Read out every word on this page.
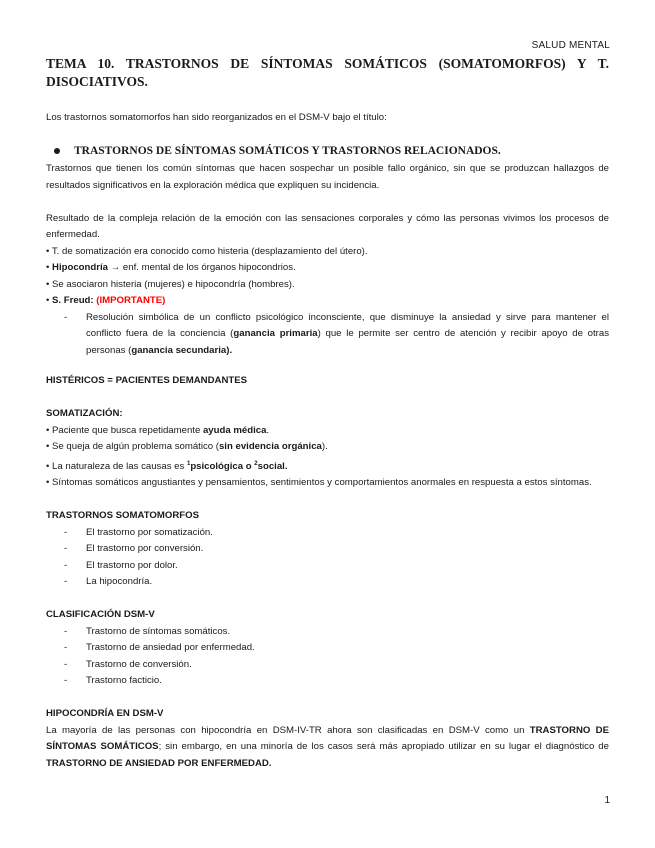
SALUD MENTAL
TEMA 10. TRASTORNOS DE SÍNTOMAS SOMÁTICOS (SOMATOMORFOS) Y T. DISOCIATIVOS.

Los trastornos somatomorfos han sido reorganizados en el DSM-V bajo el título:

TRASTORNOS DE SÍNTOMAS SOMÁTICOS Y TRASTORNOS RELACIONADOS.

Trastornos que tienen los común síntomas que hacen sospechar un posible fallo orgánico, sin que se produzcan hallazgos de resultados significativos en la exploración médica que expliquen su incidencia.

Resultado de la compleja relación de la emoción con las sensaciones corporales y cómo las personas vivimos los procesos de enfermedad.

• T. de somatización era conocido como histeria (desplazamiento del útero).

• Hipocondría → enf. mental de los órganos hipocondrios.

• Se asociaron histeria (mujeres) e hipocondría (hombres).

• S. Freud: (IMPORTANTE)

- Resolución simbólica de un conflicto psicológico inconsciente, que disminuye la ansiedad y sirve para mantener el conflicto fuera de la conciencia (ganancia primaria) que le permite ser centro de atención y recibir apoyo de otras personas (ganancia secundaria).

HISTÉRICOS = PACIENTES DEMANDANTES

SOMATIZACIÓN:

• Paciente que busca repetidamente ayuda médica.

• Se queja de algún problema somático (sin evidencia orgánica).

• La naturaleza de las causas es $^1$psicológica o $^2$social.

• Síntomas somáticos angustiantes y pensamientos, sentimientos y comportamientos anormales en respuesta a estos síntomas.

TRASTORNOS SOMATOMORFOS

- El trastorno por somatización.
- El trastorno por conversión.
- El trastorno por dolor.
- La hipocondría.

CLASIFICACIÓN DSM-V

- Trastorno de síntomas somáticos.
- Trastorno de ansiedad por enfermedad.
- Trastorno de conversión.
- Trastorno facticio.

HIPOCONDRÍA EN DSM-V

La mayoría de las personas con hipocondría en DSM-IV-TR ahora son clasificadas en DSM-V como un TRASTORNO DE SÍNTOMAS SOMÁTICOS; sin embargo, en una minoría de los casos será más apropiado utilizar en su lugar el diagnóstico de TRASTORNO DE ANSIEDAD POR ENFERMEDAD.

1
